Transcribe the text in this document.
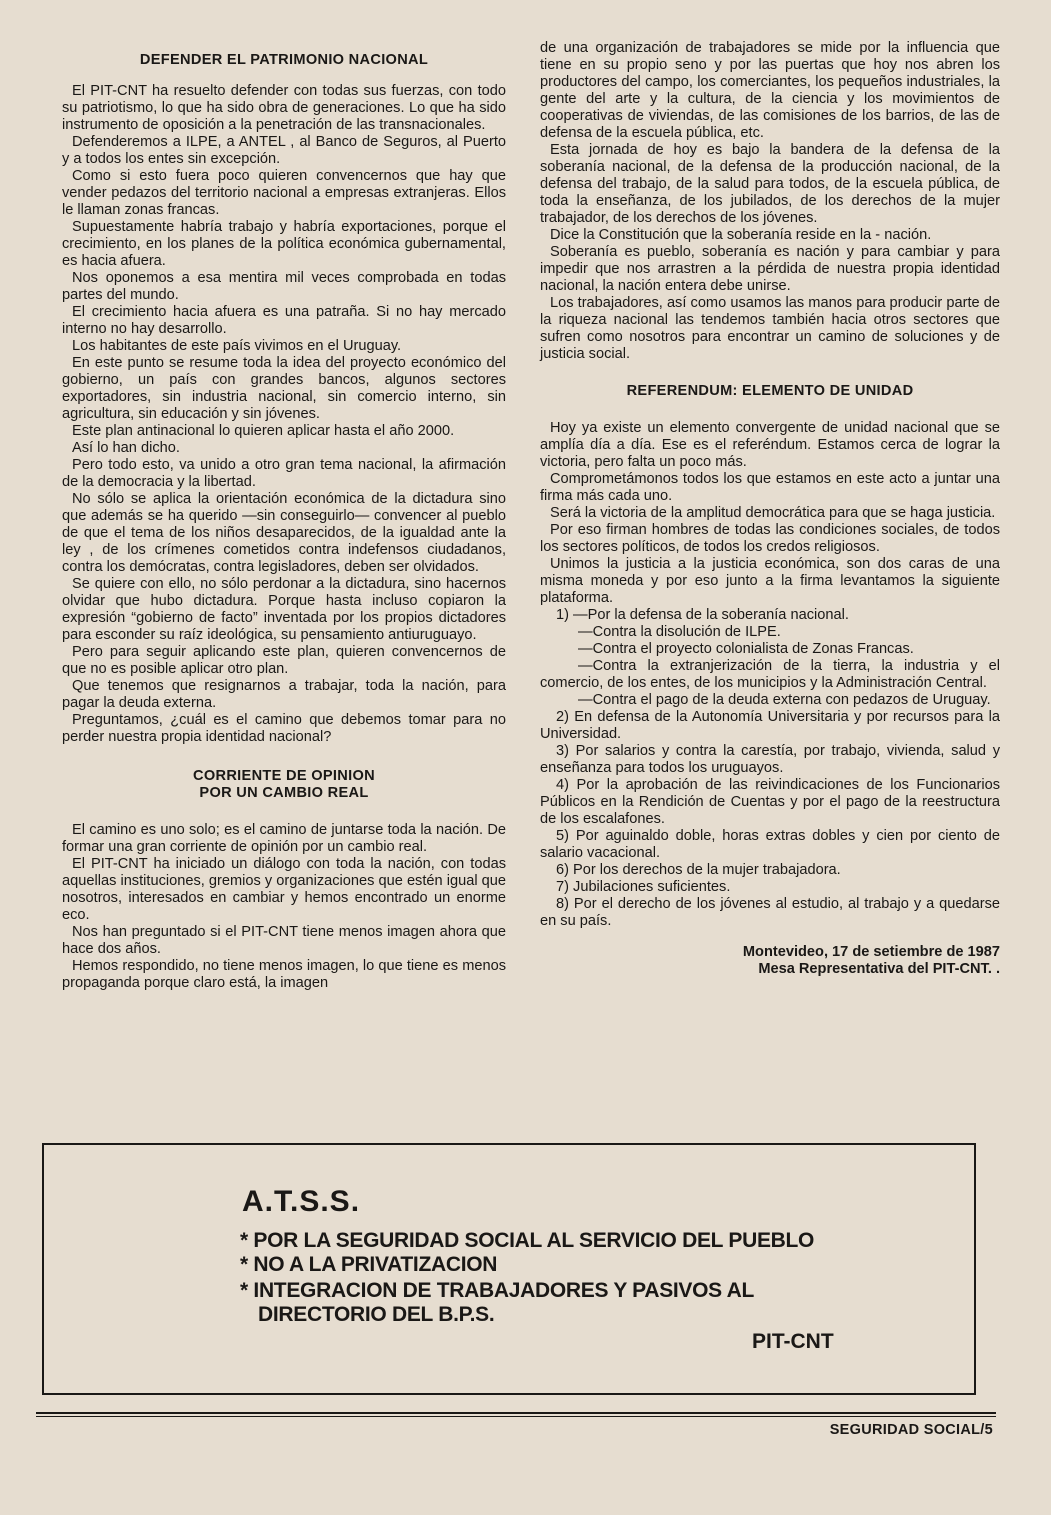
DEFENDER EL PATRIMONIO NACIONAL

El PIT-CNT ha resuelto defender con todas sus fuerzas, con todo su patriotismo, lo que ha sido obra de generaciones. Lo que ha sido instrumento de oposición a la penetración de las transnacionales.

Defenderemos a ILPE, a ANTEL , al Banco de Seguros, al Puerto y a todos los entes sin excepción.

Como si esto fuera poco quieren convencernos que hay que vender pedazos del territorio nacional a empresas extranjeras. Ellos le llaman zonas francas.

Supuestamente habría trabajo y habría exportaciones, porque el crecimiento, en los planes de la política económica gubernamental, es hacia afuera.

Nos oponemos a esa mentira mil veces comprobada en todas partes del mundo.

El crecimiento hacia afuera es una patraña. Si no hay mercado interno no hay desarrollo.

Los habitantes de este país vivimos en el Uruguay.

En este punto se resume toda la idea del proyecto económico del gobierno, un país con grandes bancos, algunos sectores exportadores, sin industria nacional, sin comercio interno, sin agricultura, sin educación y sin jóvenes.

Este plan antinacional lo quieren aplicar hasta el año 2000.

Así lo han dicho.

Pero todo esto, va unido a otro gran tema nacional, la afirmación de la democracia y la libertad.

No sólo se aplica la orientación económica de la dictadura sino que además se ha querido —sin conseguirlo— convencer al pueblo de que el tema de los niños desaparecidos, de la igualdad ante la ley , de los crímenes cometidos contra indefensos ciudadanos, contra los demócratas, contra legisladores, deben ser olvidados.

Se quiere con ello, no sólo perdonar a la dictadura, sino hacernos olvidar que hubo dictadura. Porque hasta incluso copiaron la expresión “gobierno de facto” inventada por los propios dictadores para esconder su raíz ideológica, su pensamiento antiuruguayo.

Pero para seguir aplicando este plan, quieren convencernos de que no es posible aplicar otro plan.

Que tenemos que resignarnos a trabajar, toda la nación, para pagar la deuda externa.

Preguntamos, ¿cuál es el camino que debemos tomar para no perder nuestra propia identidad nacional?

CORRIENTE DE OPINION
POR UN CAMBIO REAL

El camino es uno solo; es el camino de juntarse toda la nación. De formar una gran corriente de opinión por un cambio real.

El PIT-CNT ha iniciado un diálogo con toda la nación, con todas aquellas instituciones, gremios y organizaciones que estén igual que nosotros, interesados en cambiar y hemos encontrado un enorme eco.

Nos han preguntado si el PIT-CNT tiene menos imagen ahora que hace dos años.

Hemos respondido, no tiene menos imagen, lo que tiene es menos propaganda porque claro está, la imagen

de una organización de trabajadores se mide por la influencia que tiene en su propio seno y por las puertas que hoy nos abren los productores del campo, los comerciantes, los pequeños industriales, la gente del arte y la cultura, de la ciencia y los movimientos de cooperativas de viviendas, de las comisiones de los barrios, de las de defensa de la escuela pública, etc.

Esta jornada de hoy es bajo la bandera de la defensa de la soberanía nacional, de la defensa de la producción nacional, de la defensa del trabajo, de la salud para todos, de la escuela pública, de toda la enseñanza, de los jubilados, de los derechos de la mujer trabajador, de los derechos de los jóvenes.

Dice la Constitución que la soberanía reside en la - nación.

Soberanía es pueblo, soberanía es nación y para cambiar y para impedir que nos arrastren a la pérdida de nuestra propia identidad nacional, la nación entera debe unirse.

Los trabajadores, así como usamos las manos para producir parte de la riqueza nacional las tendemos también hacia otros sectores que sufren como nosotros para encontrar un camino de soluciones y de justicia social.

REFERENDUM: ELEMENTO DE UNIDAD

Hoy ya existe un elemento convergente de unidad nacional que se amplía día a día. Ese es el referéndum. Estamos cerca de lograr la victoria, pero falta un poco más.

Comprometámonos todos los que estamos en este acto a juntar una firma más cada uno.

Será la victoria de la amplitud democrática para que se haga justicia.

Por eso firman hombres de todas las condiciones sociales, de todos los sectores políticos, de todos los credos religiosos.

Unimos la justicia a la justicia económica, son dos caras de una misma moneda y por eso junto a la firma levantamos la siguiente plataforma.

1) —Por la defensa de la soberanía nacional.

—Contra la disolución de ILPE.

—Contra el proyecto colonialista de Zonas Francas.

—Contra la extranjerización de la tierra, la industria y el comercio, de los entes, de los municipios y la Administración Central.

—Contra el pago de la deuda externa con pedazos de Uruguay.

2) En defensa de la Autonomía Universitaria y por recursos para la Universidad.

3) Por salarios y contra la carestía, por trabajo, vivienda, salud y enseñanza para todos los uruguayos.

4) Por la aprobación de las reivindicaciones de los Funcionarios Públicos en la Rendición de Cuentas y por el pago de la reestructura de los escalafones.

5) Por aguinaldo doble, horas extras dobles y cien por ciento de salario vacacional.

6) Por los derechos de la mujer trabajadora.

7) Jubilaciones suficientes.

8) Por el derecho de los jóvenes al estudio, al trabajo y a quedarse en su país.

Montevideo, 17 de setiembre de 1987
Mesa Representativa del PIT-CNT. .
A.T.S.S.
* POR LA SEGURIDAD SOCIAL AL SERVICIO DEL PUEBLO
* NO A LA PRIVATIZACION
* INTEGRACION DE TRABAJADORES Y PASIVOS AL
DIRECTORIO DEL B.P.S.
PIT-CNT
SEGURIDAD SOCIAL/5
